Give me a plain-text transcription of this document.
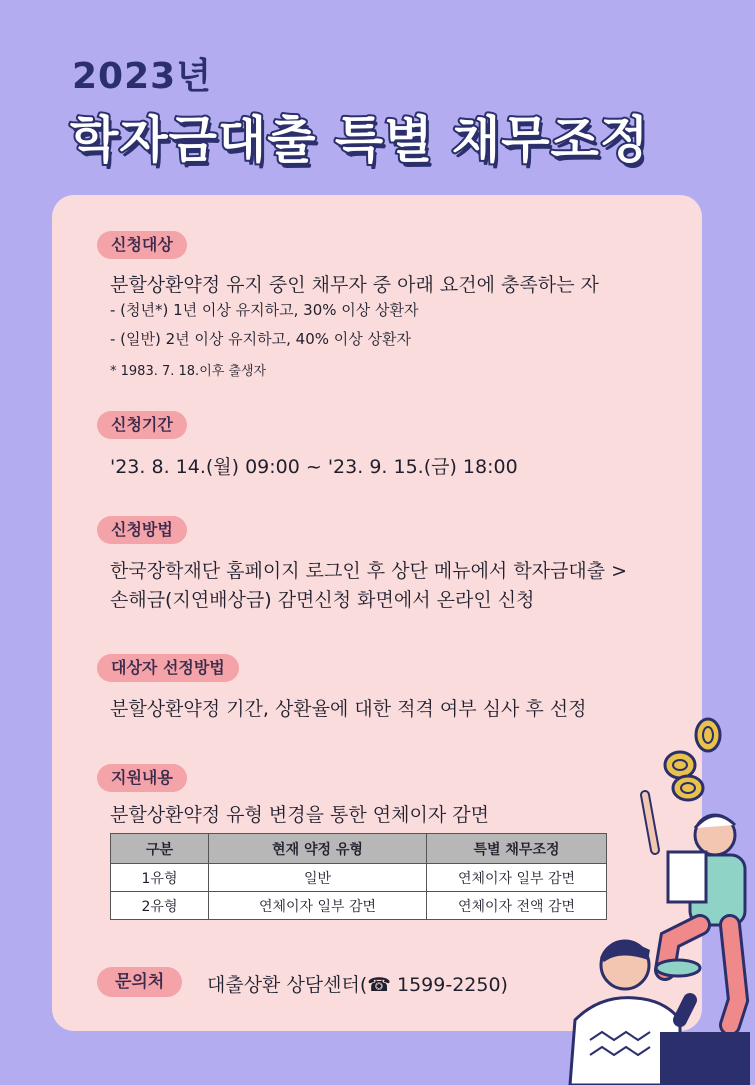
2023년
학자금대출 특별 채무조정
신청대상
분할상환약정 유지 중인 채무자 중 아래 요건에 충족하는 자
- (청년*) 1년 이상 유지하고, 30% 이상 상환자
- (일반) 2년 이상 유지하고, 40% 이상 상환자
* 1983. 7. 18.이후 출생자
신청기간
'23. 8. 14.(월) 09:00 ~ '23. 9. 15.(금) 18:00
신청방법
한국장학재단 홈페이지 로그인 후 상단 메뉴에서 학자금대출 >
손해금(지연배상금) 감면신청 화면에서 온라인 신청
대상자 선정방법
분할상환약정 기간, 상환율에 대한 적격 여부 심사 후 선정
지원내용
분할상환약정 유형 변경을 통한 연체이자 감면
구분	현재 약정 유형	특별 채무조정
1유형	일반	연체이자 일부 감면
2유형	연체이자 일부 감면	연체이자 전액 감면
문의처	대출상환 상담센터(☎ 1599-2250)
